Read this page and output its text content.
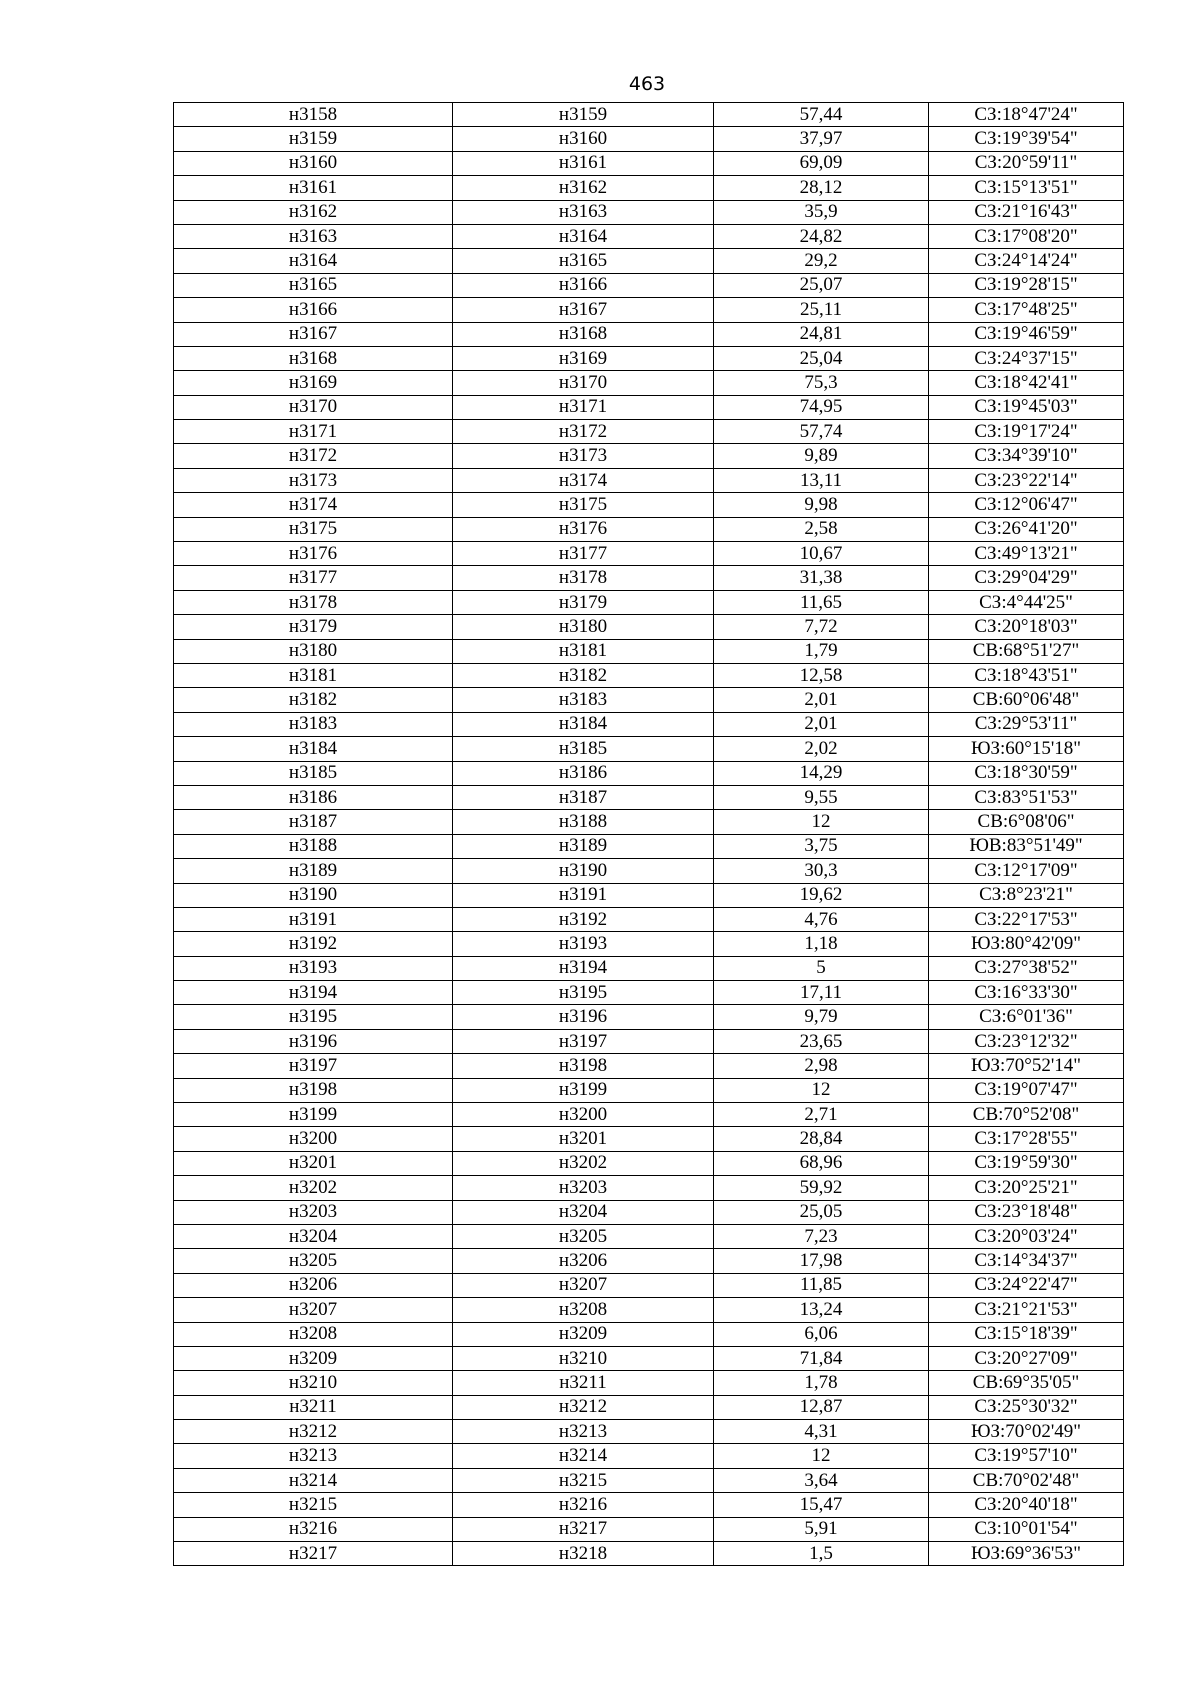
463
н3158	н3159	57,44	СЗ:18°47'24"
н3159	н3160	37,97	СЗ:19°39'54"
н3160	н3161	69,09	СЗ:20°59'11"
н3161	н3162	28,12	СЗ:15°13'51"
н3162	н3163	35,9	СЗ:21°16'43"
н3163	н3164	24,82	СЗ:17°08'20"
н3164	н3165	29,2	СЗ:24°14'24"
н3165	н3166	25,07	СЗ:19°28'15"
н3166	н3167	25,11	СЗ:17°48'25"
н3167	н3168	24,81	СЗ:19°46'59"
н3168	н3169	25,04	СЗ:24°37'15"
н3169	н3170	75,3	СЗ:18°42'41"
н3170	н3171	74,95	СЗ:19°45'03"
н3171	н3172	57,74	СЗ:19°17'24"
н3172	н3173	9,89	СЗ:34°39'10"
н3173	н3174	13,11	СЗ:23°22'14"
н3174	н3175	9,98	СЗ:12°06'47"
н3175	н3176	2,58	СЗ:26°41'20"
н3176	н3177	10,67	СЗ:49°13'21"
н3177	н3178	31,38	СЗ:29°04'29"
н3178	н3179	11,65	СЗ:4°44'25"
н3179	н3180	7,72	СЗ:20°18'03"
н3180	н3181	1,79	СВ:68°51'27"
н3181	н3182	12,58	СЗ:18°43'51"
н3182	н3183	2,01	СВ:60°06'48"
н3183	н3184	2,01	СЗ:29°53'11"
н3184	н3185	2,02	ЮЗ:60°15'18"
н3185	н3186	14,29	СЗ:18°30'59"
н3186	н3187	9,55	СЗ:83°51'53"
н3187	н3188	12	СВ:6°08'06"
н3188	н3189	3,75	ЮВ:83°51'49"
н3189	н3190	30,3	СЗ:12°17'09"
н3190	н3191	19,62	СЗ:8°23'21"
н3191	н3192	4,76	СЗ:22°17'53"
н3192	н3193	1,18	ЮЗ:80°42'09"
н3193	н3194	5	СЗ:27°38'52"
н3194	н3195	17,11	СЗ:16°33'30"
н3195	н3196	9,79	СЗ:6°01'36"
н3196	н3197	23,65	СЗ:23°12'32"
н3197	н3198	2,98	ЮЗ:70°52'14"
н3198	н3199	12	СЗ:19°07'47"
н3199	н3200	2,71	СВ:70°52'08"
н3200	н3201	28,84	СЗ:17°28'55"
н3201	н3202	68,96	СЗ:19°59'30"
н3202	н3203	59,92	СЗ:20°25'21"
н3203	н3204	25,05	СЗ:23°18'48"
н3204	н3205	7,23	СЗ:20°03'24"
н3205	н3206	17,98	СЗ:14°34'37"
н3206	н3207	11,85	СЗ:24°22'47"
н3207	н3208	13,24	СЗ:21°21'53"
н3208	н3209	6,06	СЗ:15°18'39"
н3209	н3210	71,84	СЗ:20°27'09"
н3210	н3211	1,78	СВ:69°35'05"
н3211	н3212	12,87	СЗ:25°30'32"
н3212	н3213	4,31	ЮЗ:70°02'49"
н3213	н3214	12	СЗ:19°57'10"
н3214	н3215	3,64	СВ:70°02'48"
н3215	н3216	15,47	СЗ:20°40'18"
н3216	н3217	5,91	СЗ:10°01'54"
н3217	н3218	1,5	ЮЗ:69°36'53"
